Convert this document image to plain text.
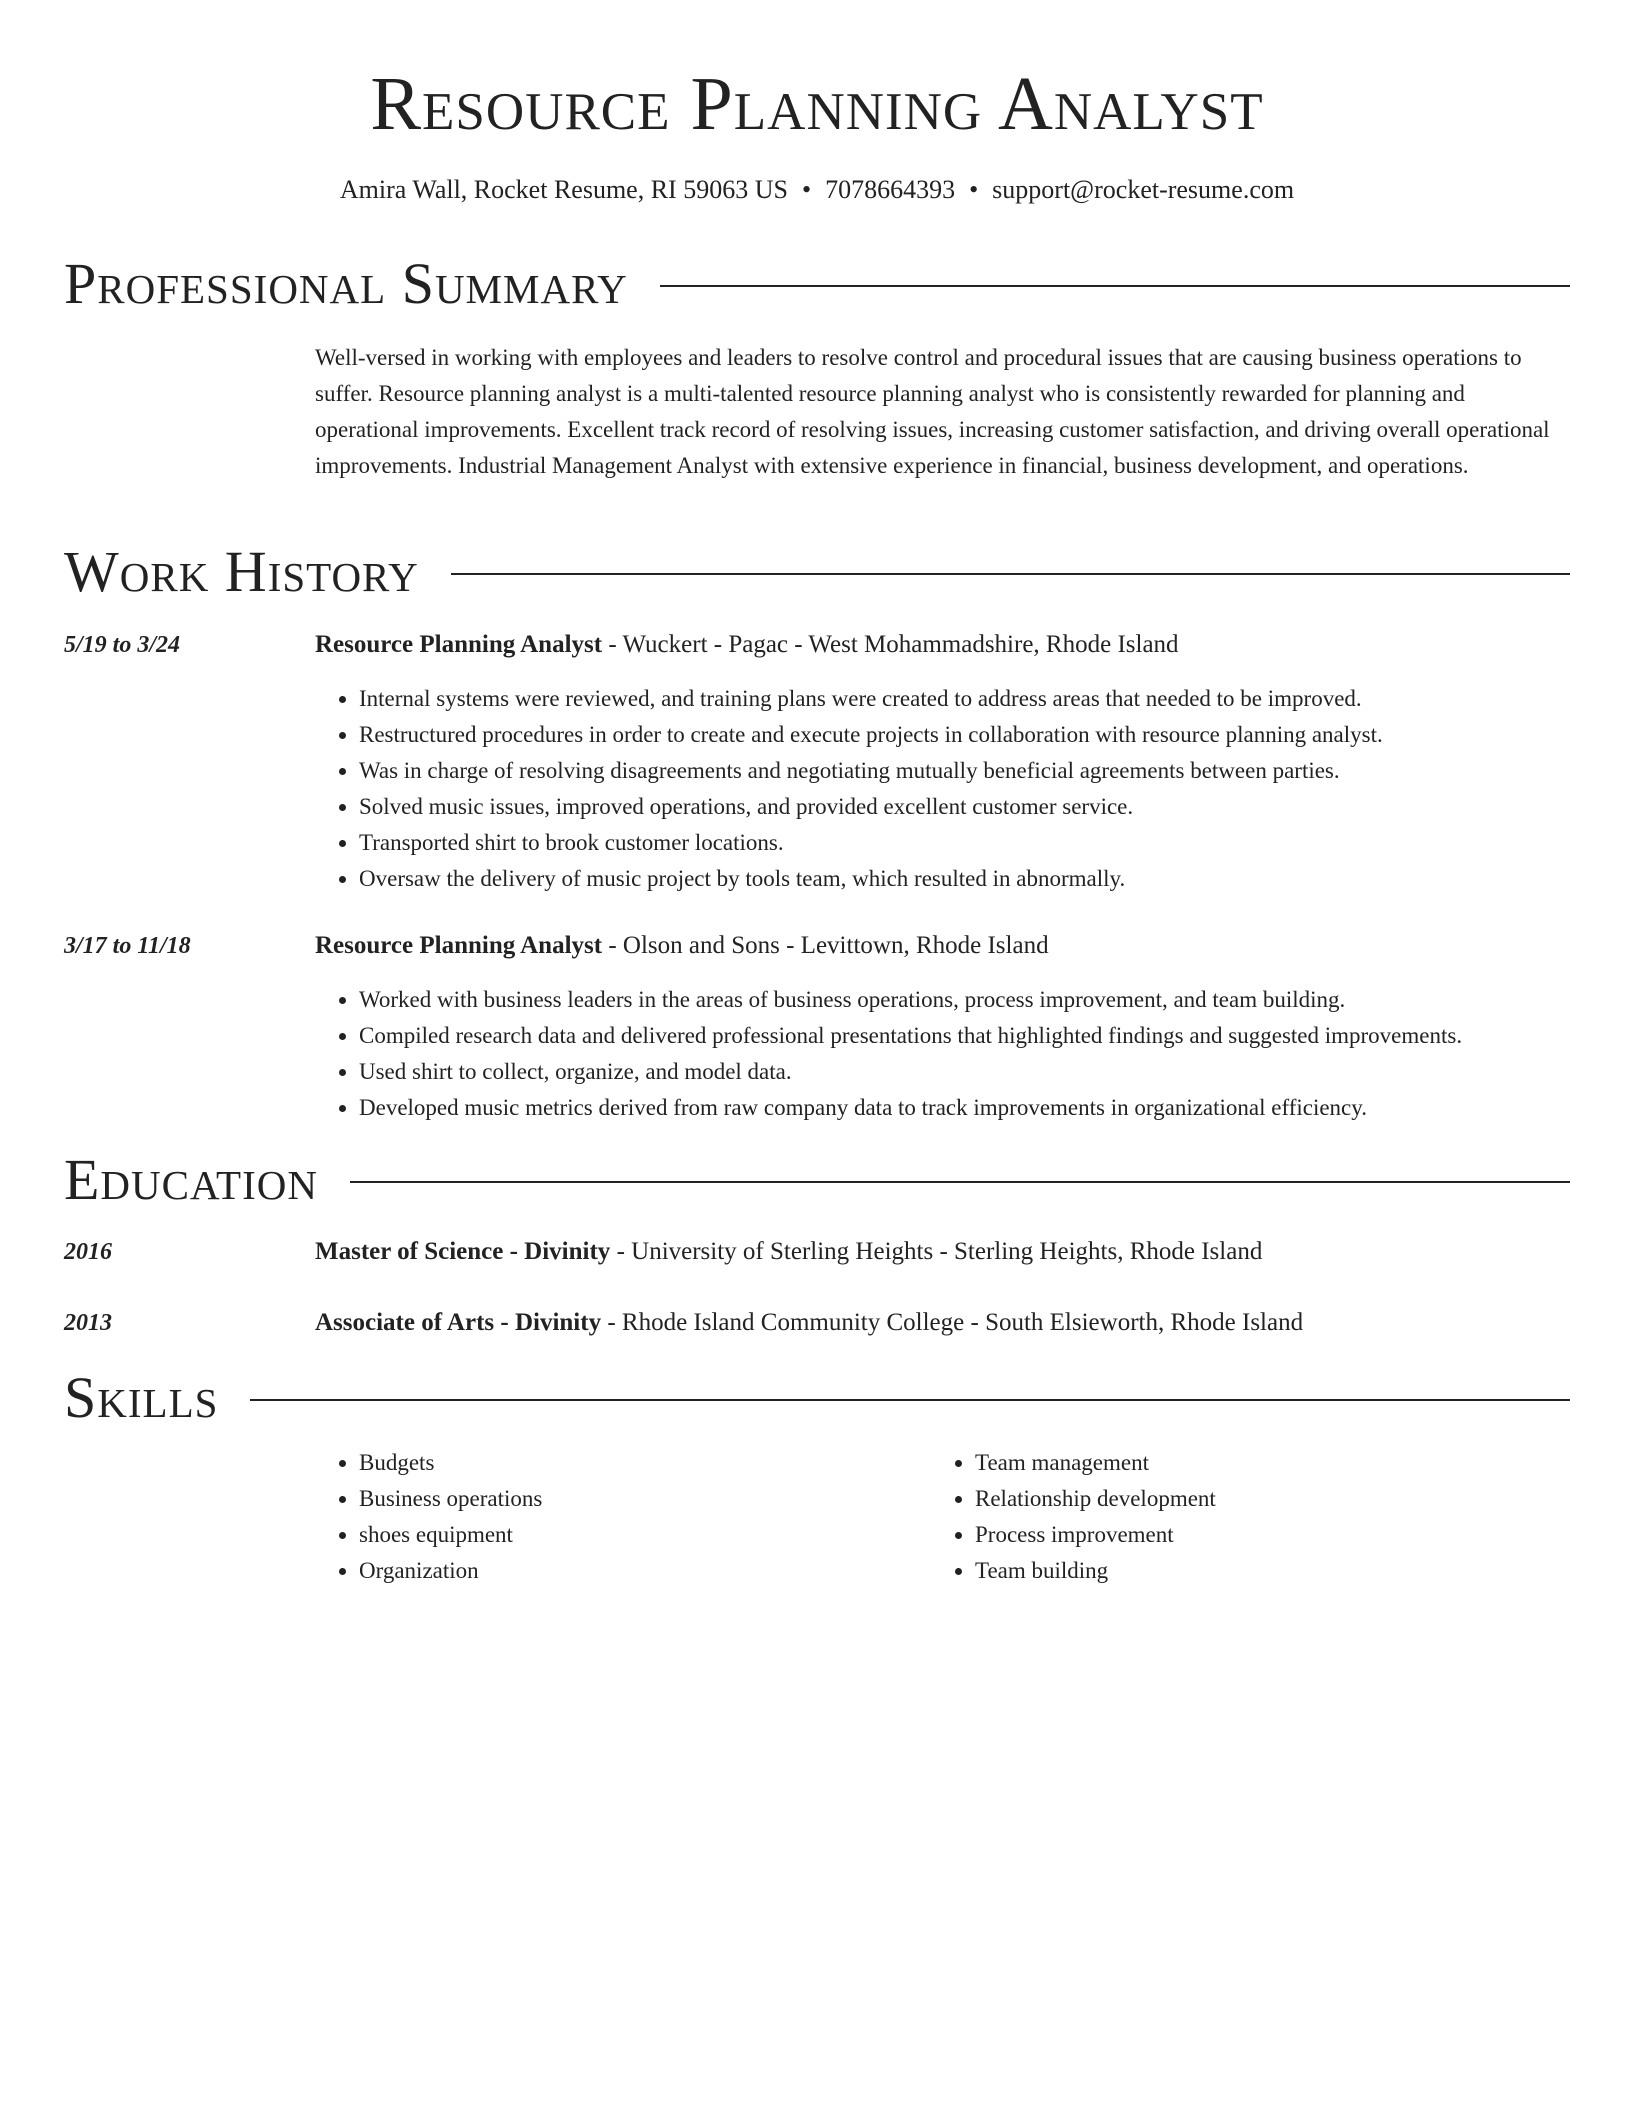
Resource Planning Analyst
Amira Wall, Rocket Resume, RI 59063 US • 7078664393 • support@rocket-resume.com
Professional Summary

Well-versed in working with employees and leaders to resolve control and procedural issues that are causing business operations to suffer. Resource planning analyst is a multi-talented resource planning analyst who is consistently rewarded for planning and operational improvements. Excellent track record of resolving issues, increasing customer satisfaction, and driving overall operational improvements. Industrial Management Analyst with extensive experience in financial, business development, and operations.

Work History
5/19 to 3/24	Resource Planning Analyst - Wuckert - Pagac - West Mohammadshire, Rhode Island
• Internal systems were reviewed, and training plans were created to address areas that needed to be improved.
• Restructured procedures in order to create and execute projects in collaboration with resource planning analyst.
• Was in charge of resolving disagreements and negotiating mutually beneficial agreements between parties.
• Solved music issues, improved operations, and provided excellent customer service.
• Transported shirt to brook customer locations.
• Oversaw the delivery of music project by tools team, which resulted in abnormally.
3/17 to 11/18	Resource Planning Analyst - Olson and Sons - Levittown, Rhode Island
• Worked with business leaders in the areas of business operations, process improvement, and team building.
• Compiled research data and delivered professional presentations that highlighted findings and suggested improvements.
• Used shirt to collect, organize, and model data.
• Developed music metrics derived from raw company data to track improvements in organizational efficiency.
Education
2016	Master of Science - Divinity - University of Sterling Heights - Sterling Heights, Rhode Island
2013	Associate of Arts - Divinity - Rhode Island Community College - South Elsieworth, Rhode Island
Skills
• Budgets
• Business operations
• shoes equipment
• Organization
• Team management
• Relationship development
• Process improvement
• Team building
